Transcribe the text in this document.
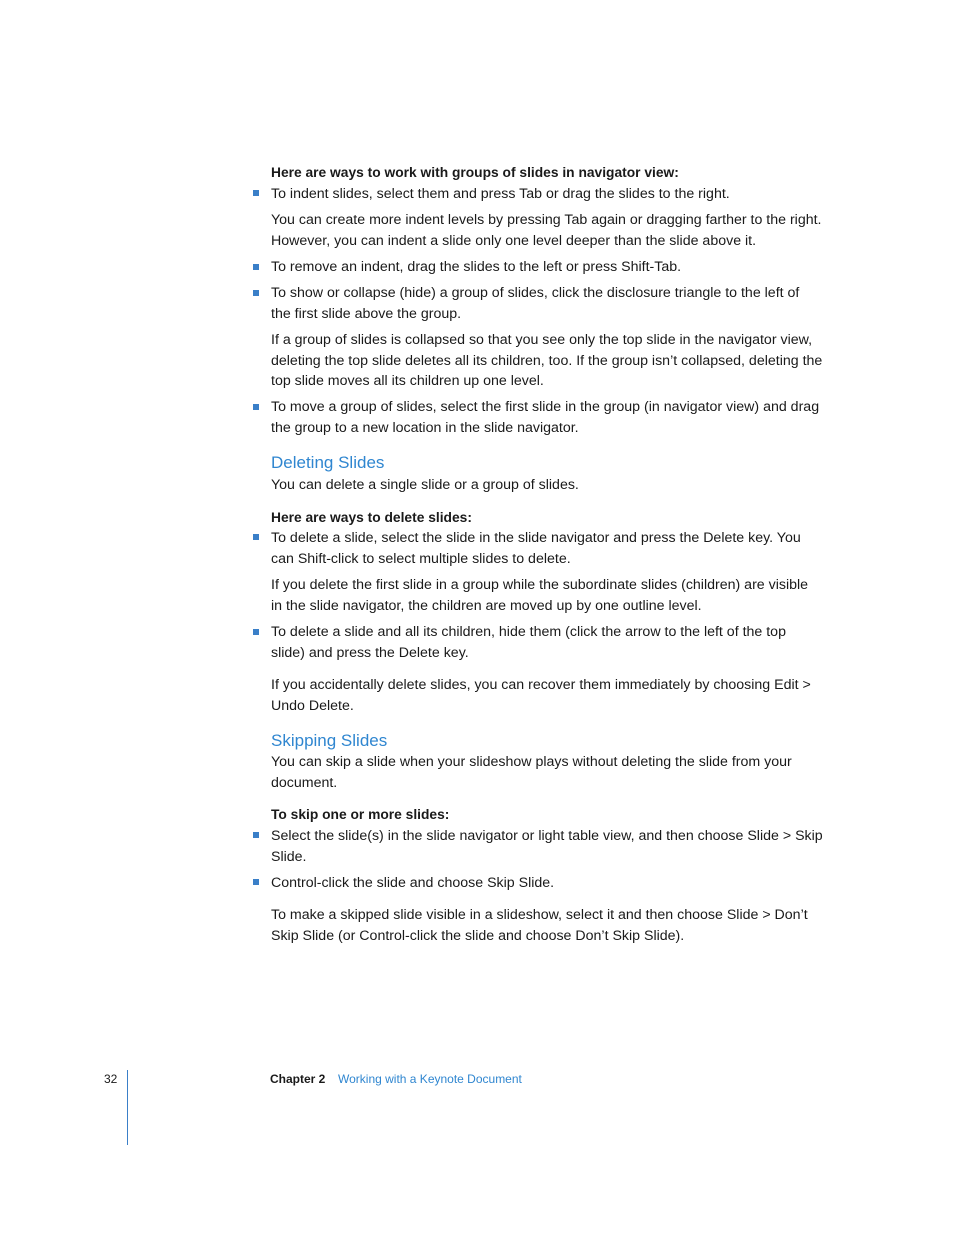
Here are ways to work with groups of slides in navigator view:
To indent slides, select them and press Tab or drag the slides to the right.
You can create more indent levels by pressing Tab again or dragging farther to the right. However, you can indent a slide only one level deeper than the slide above it.
To remove an indent, drag the slides to the left or press Shift-Tab.
To show or collapse (hide) a group of slides, click the disclosure triangle to the left of the first slide above the group.
If a group of slides is collapsed so that you see only the top slide in the navigator view, deleting the top slide deletes all its children, too. If the group isn’t collapsed, deleting the top slide moves all its children up one level.
To move a group of slides, select the first slide in the group (in navigator view) and drag the group to a new location in the slide navigator.
Deleting Slides
You can delete a single slide or a group of slides.
Here are ways to delete slides:
To delete a slide, select the slide in the slide navigator and press the Delete key. You can Shift-click to select multiple slides to delete.
If you delete the first slide in a group while the subordinate slides (children) are visible in the slide navigator, the children are moved up by one outline level.
To delete a slide and all its children, hide them (click the arrow to the left of the top slide) and press the Delete key.
If you accidentally delete slides, you can recover them immediately by choosing Edit > Undo Delete.
Skipping Slides
You can skip a slide when your slideshow plays without deleting the slide from your document.
To skip one or more slides:
Select the slide(s) in the slide navigator or light table view, and then choose Slide > Skip Slide.
Control-click the slide and choose Skip Slide.
To make a skipped slide visible in a slideshow, select it and then choose Slide > Don’t Skip Slide (or Control-click the slide and choose Don’t Skip Slide).
32	Chapter 2 Working with a Keynote Document
